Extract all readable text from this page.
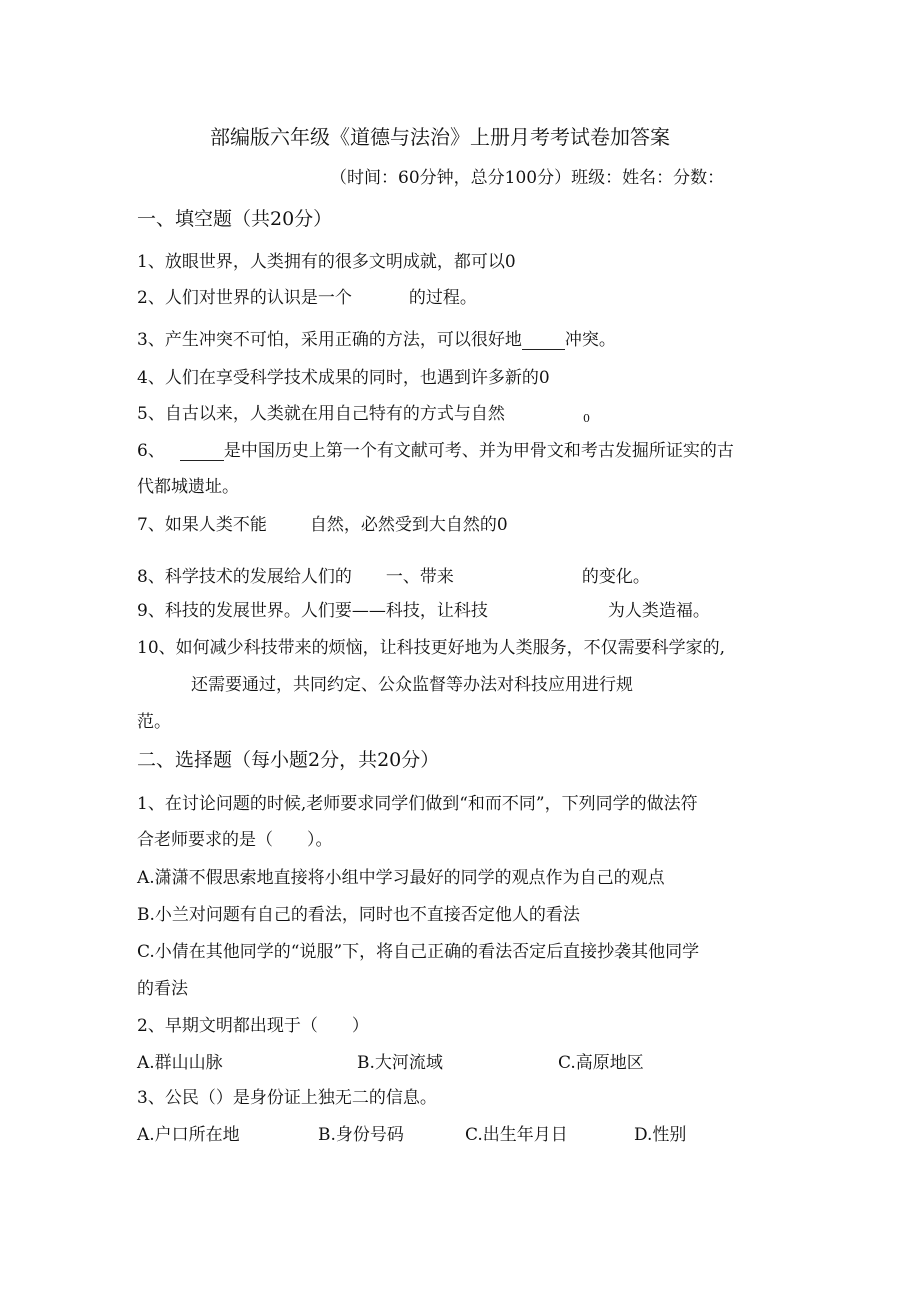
部编版六年级《道德与法治》上册月考考试卷加答案
（时间：60分钟，总分100分）班级：姓名：分数：
一、填空题（共20分）
1、放眼世界，人类拥有的很多文明成就，都可以0
2、人们对世界的认识是一个	的过程。
3、产生冲突不可怕，采用正确的方法，可以很好地	冲突。
4、人们在享受科学技术成果的同时，也遇到许多新的0
5、自古以来，人类就在用自己特有的方式与自然	0
6、	是中国历史上第一个有文献可考、并为甲骨文和考古发掘所证实的古
代都城遗址。
7、如果人类不能	自然，必然受到大自然的0
8、科学技术的发展给人们的 一、带来	的变化。
9、科技的发展世界。人们要——科技，让科技	为人类造福。
10、如何减少科技带来的烦恼，让科技更好地为人类服务，不仅需要科学家的,
还需要通过，共同约定、公众监督等办法对科技应用进行规
范。
二、选择题（每小题2分，共20分）
1、在讨论问题的时候,老师要求同学们做到“和而不同”，下列同学的做法符
合老师要求的是（　　）。
A.潇潇不假思索地直接将小组中学习最好的同学的观点作为自己的观点
B.小兰对问题有自己的看法，同时也不直接否定他人的看法
C.小倩在其他同学的“说服”下，将自己正确的看法否定后直接抄袭其他同学
的看法
2、早期文明都出现于（　　）
A.群山山脉	B.大河流域	C.高原地区
3、公民（）是身份证上独无二的信息。
A.户口所在地	B.身份号码	C.出生年月日	D.性别
